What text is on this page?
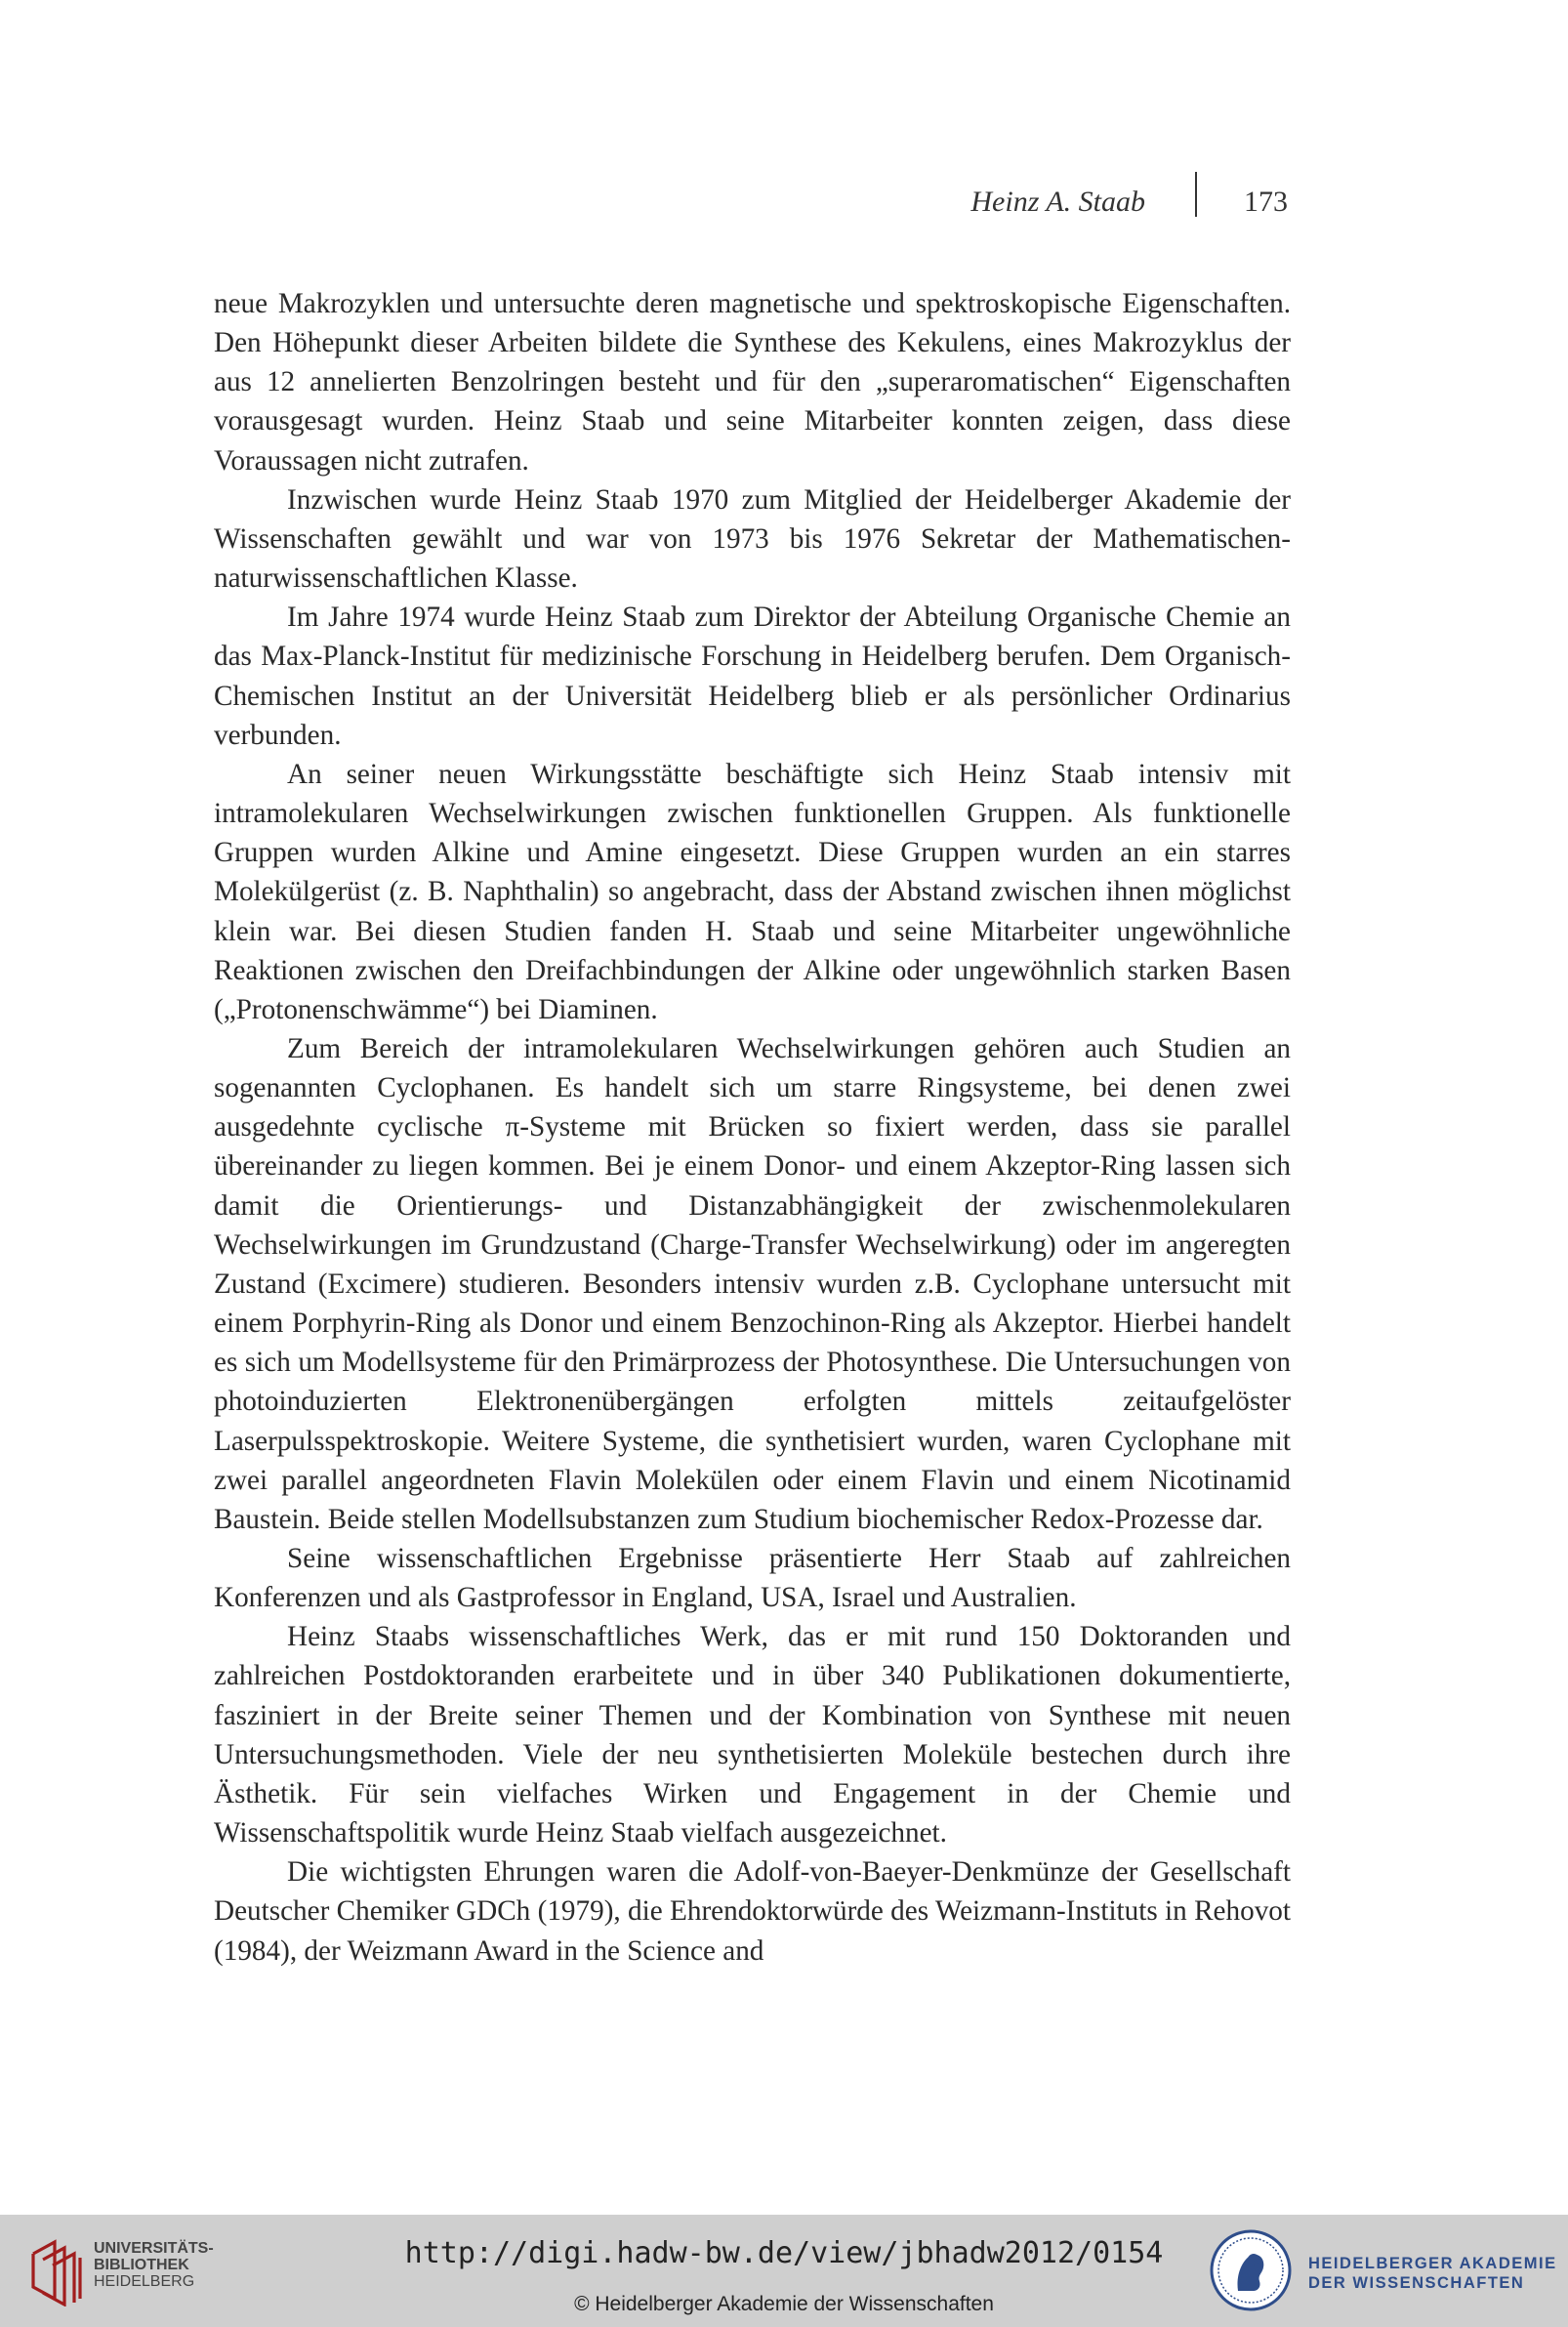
Heinz A. Staab	173

neue Makrozyklen und untersuchte deren magnetische und spektroskopische Eigenschaften. Den Höhepunkt dieser Arbeiten bildete die Synthese des Kekulens, eines Makrozyklus der aus 12 annelierten Benzolringen besteht und für den „superaromatischen“ Eigenschaften vorausgesagt wurden. Heinz Staab und seine Mitarbeiter konnten zeigen, dass diese Voraussagen nicht zutrafen.

Inzwischen wurde Heinz Staab 1970 zum Mitglied der Heidelberger Akademie der Wissenschaften gewählt und war von 1973 bis 1976 Sekretar der Mathematischen-naturwissenschaftlichen Klasse.

Im Jahre 1974 wurde Heinz Staab zum Direktor der Abteilung Organische Chemie an das Max-Planck-Institut für medizinische Forschung in Heidelberg berufen. Dem Organisch-Chemischen Institut an der Universität Heidelberg blieb er als persönlicher Ordinarius verbunden.

An seiner neuen Wirkungsstätte beschäftigte sich Heinz Staab intensiv mit intramolekularen Wechselwirkungen zwischen funktionellen Gruppen. Als funktionelle Gruppen wurden Alkine und Amine eingesetzt. Diese Gruppen wurden an ein starres Molekülgerüst (z. B. Naphthalin) so angebracht, dass der Abstand zwischen ihnen möglichst klein war. Bei diesen Studien fanden H. Staab und seine Mitarbeiter ungewöhnliche Reaktionen zwischen den Dreifachbindungen der Alkine oder ungewöhnlich starken Basen („Protonenschwämme“) bei Diaminen.

Zum Bereich der intramolekularen Wechselwirkungen gehören auch Studien an sogenannten Cyclophanen. Es handelt sich um starre Ringsysteme, bei denen zwei ausgedehnte cyclische π-Systeme mit Brücken so fixiert werden, dass sie parallel übereinander zu liegen kommen. Bei je einem Donor- und einem Akzeptor-Ring lassen sich damit die Orientierungs- und Distanzabhängigkeit der zwischenmolekularen Wechselwirkungen im Grundzustand (Charge-Transfer Wechselwirkung) oder im angeregten Zustand (Excimere) studieren. Besonders intensiv wurden z.B. Cyclophane untersucht mit einem Porphyrin-Ring als Donor und einem Benzochinon-Ring als Akzeptor. Hierbei handelt es sich um Modellsysteme für den Primärprozess der Photosynthese. Die Untersuchungen von photoinduzierten Elektronenübergängen erfolgten mittels zeitaufgelöster Laserpulsspektroskopie. Weitere Systeme, die synthetisiert wurden, waren Cyclophane mit zwei parallel angeordneten Flavin Molekülen oder einem Flavin und einem Nicotinamid Baustein. Beide stellen Modellsubstanzen zum Studium biochemischer Redox-Prozesse dar.

Seine wissenschaftlichen Ergebnisse präsentierte Herr Staab auf zahlreichen Konferenzen und als Gastprofessor in England, USA, Israel und Australien.

Heinz Staabs wissenschaftliches Werk, das er mit rund 150 Doktoranden und zahlreichen Postdoktoranden erarbeitete und in über 340 Publikationen dokumentierte, fasziniert in der Breite seiner Themen und der Kombination von Synthese mit neuen Untersuchungsmethoden. Viele der neu synthetisierten Moleküle bestechen durch ihre Ästhetik. Für sein vielfaches Wirken und Engagement in der Chemie und Wissenschaftspolitik wurde Heinz Staab vielfach ausgezeichnet.

Die wichtigsten Ehrungen waren die Adolf-von-Baeyer-Denkmünze der Gesellschaft Deutscher Chemiker GDCh (1979), die Ehrendoktorwürde des Weizmann-Instituts in Rehovot (1984), der Weizmann Award in the Science and

UNIVERSITÄTS-
BIBLIOTHEK
HEIDELBERG
http://digi.hadw-bw.de/view/jbhadw2012/0154
© Heidelberger Akademie der Wissenschaften
HEIDELBERGER AKADEMIE
DER WISSENSCHAFTEN
